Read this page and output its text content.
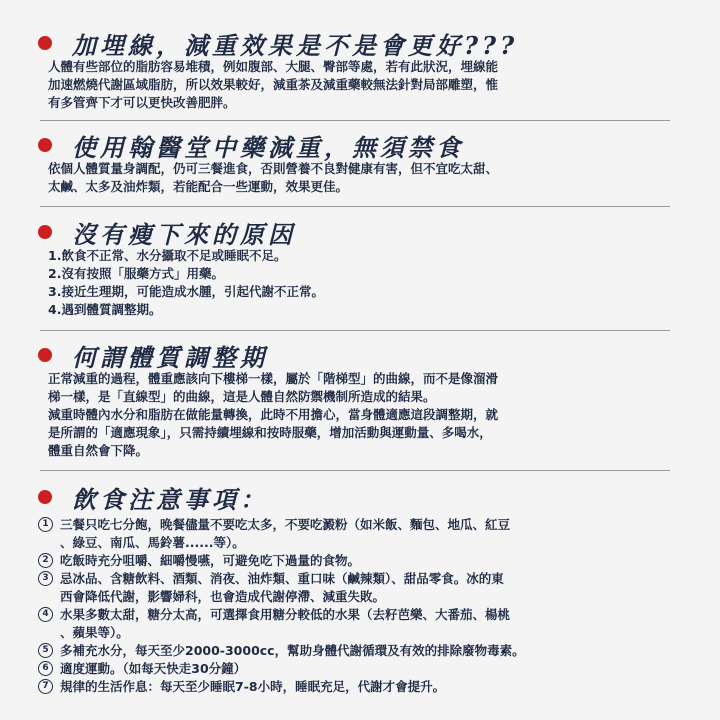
加埋線，減重效果是不是會更好???
人體有些部位的脂肪容易堆積，例如腹部、大腿、臀部等處，若有此狀況，埋線能
加速燃燒代謝區域脂肪，所以效果較好，減重茶及減重藥較無法針對局部雕塑，惟
有多管齊下才可以更快改善肥胖。
使用翰醫堂中藥減重，無須禁食
依個人體質量身調配，仍可三餐進食，否則營養不良對健康有害，但不宜吃太甜、
太鹹、太多及油炸類，若能配合一些運動，效果更佳。
沒有瘦下來的原因
1.飲食不正常、水分攝取不足或睡眠不足。
2.沒有按照「服藥方式」用藥。
3.接近生理期，可能造成水腫，引起代謝不正常。
4.遇到體質調整期。
何謂體質調整期
正常減重的過程，體重應該向下樓梯一樣，屬於「階梯型」的曲線，而不是像溜滑
梯一樣，是「直線型」的曲線，這是人體自然防禦機制所造成的結果。
減重時體內水分和脂肪在做能量轉換，此時不用擔心，當身體適應這段調整期，就
是所謂的「適應現象」，只需持續埋線和按時服藥，增加活動與運動量、多喝水，
體重自然會下降。
飲食注意事項：
1 三餐只吃七分飽，晚餐儘量不要吃太多，不要吃澱粉（如米飯、麵包、地瓜、紅豆
、綠豆、南瓜、馬鈴薯......等）。
2 吃飯時充分咀嚼、細嚼慢嚥，可避免吃下過量的食物。
3 忌冰品、含糖飲料、酒類、消夜、油炸類、重口味（鹹辣類）、甜品零食。冰的東
西會降低代謝，影響婦科，也會造成代謝停滯、減重失敗。
4 水果多數太甜，糖分太高，可選擇食用糖分較低的水果（去籽芭樂、大番茄、楊桃
、蘋果等）。
5 多補充水分，每天至少2000-3000cc，幫助身體代謝循環及有效的排除廢物毒素。
6 適度運動。（如每天快走30分鐘）
7 規律的生活作息：每天至少睡眠7-8小時，睡眠充足，代謝才會提升。
